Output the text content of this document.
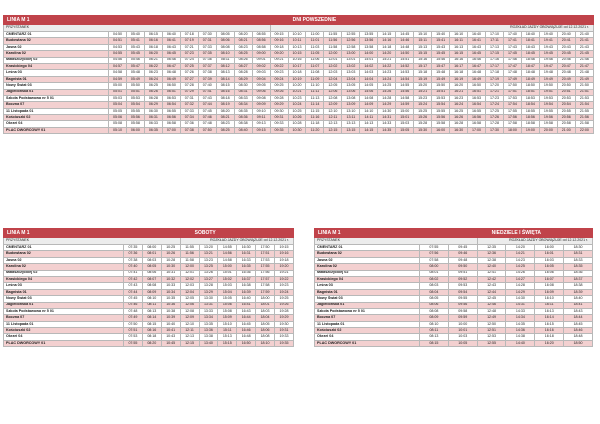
LINIA M 1										DNI POWSZEDNIE																	
PRZYSTANEK										ROZKŁAD JAZDY OBOWIĄZUJE od 12.12.2021 r.																	
CMENTARZ 01	04:50	05:40	06:15	06:40	07:18	07:30	08:05	08:20	08:55	09:15	10:10	11:00	11:55	12:55	13:55	14:15	14:45	15:10	15:40	16:10	16:40	17:10	17:40	18:40	19:40	20:40	21:40
Budowlana 02	04:51	05:41	06:16	06:41	07:19	07:31	08:06	08:21	08:56	09:16	10:11	11:01	11:56	12:56	13:56	14:16	14:46	15:11	15:41	16:11	16:41	17:11	17:41	18:41	19:41	20:41	21:41
Jasna 02	04:53	05:43	06:18	06:43	07:21	07:33	08:08	08:23	08:58	09:18	10:13	11:03	11:58	12:58	13:58	14:18	14:48	15:13	15:43	16:13	16:43	17:13	17:43	18:43	19:43	20:43	21:43
Karolina 02	04:55	05:45	06:20	06:45	07:23	07:35	08:10	08:25	09:00	09:20	10:15	11:05	12:00	13:00	14:00	14:20	14:50	15:15	15:45	16:15	16:45	17:15	17:45	18:45	19:45	20:45	21:45
Małaszczyckiej 02	04:56	05:46	06:21	06:46	07:24	07:36	08:11	08:26	09:01	09:21	10:16	11:06	12:01	13:01	14:01	14:21	14:51	15:16	15:46	16:16	16:46	17:16	17:46	18:46	19:46	20:46	21:46
Krasickiego 04	04:57	05:47	06:22	06:47	07:25	07:37	08:12	08:27	09:02	09:22	10:17	11:07	12:02	13:02	14:02	14:22	14:52	15:17	15:47	16:17	16:47	17:17	17:47	18:47	19:47	20:47	21:47
Leśna 03	04:58	05:48	06:23	06:48	07:26	07:38	08:13	08:28	09:03	09:23	10:18	11:08	12:03	13:03	14:03	14:23	14:53	15:18	15:48	16:18	16:48	17:18	17:48	18:48	19:48	20:48	21:48
Bagnista 01	04:59	05:49	06:24	06:49	07:27	07:39	08:14	08:29	09:04	09:24	10:19	11:09	12:04	13:04	14:04	14:24	14:54	15:19	15:49	16:19	16:49	17:19	17:49	18:49	19:49	20:49	21:49
Nowy Świat 03	05:00	05:50	06:25	06:50	07:28	07:40	08:15	08:30	09:05	09:25	10:20	11:10	12:05	13:05	14:05	14:25	14:55	15:20	15:50	16:20	16:50	17:20	17:50	18:50	19:50	20:50	21:50
Jagiellońska 01	05:01	05:51	06:26	06:51	07:29	07:41	08:16	08:31	09:06	09:26	10:21	11:11	12:06	13:06	14:06	14:26	14:56	15:21	15:51	16:21	16:51	17:21	17:51	18:51	19:51	20:51	21:51
Szkoła Podstawowa nr 5 01	05:03	05:53	06:28	06:53	07:31	07:43	08:18	08:33	09:08	09:28	10:23	11:13	12:08	13:08	14:08	14:28	14:58	15:23	15:53	16:23	16:53	17:23	17:53	18:53	19:53	20:53	21:53
Boczna 07	05:04	05:54	06:29	06:54	07:32	07:44	08:19	08:34	09:09	09:29	10:24	11:14	12:09	13:09	14:09	14:29	14:59	15:24	15:54	16:24	16:54	17:24	17:54	18:54	19:54	20:54	21:54
11 Listopada 01	05:05	05:55	06:30	06:55	07:33	07:45	08:20	08:35	09:10	09:30	10:25	11:15	12:10	13:10	14:10	14:30	15:00	15:25	15:55	16:25	16:55	17:25	17:55	18:55	19:55	20:55	21:55
Kościuszki 02	05:06	05:56	06:31	06:56	07:34	07:46	08:21	08:36	09:11	09:31	10:26	11:16	12:11	13:11	14:11	14:31	15:01	15:26	15:56	16:26	16:56	17:26	17:56	18:56	19:56	20:56	21:56
Okrzei 04	05:08	05:58	06:33	06:58	07:36	07:48	08:23	08:38	09:13	09:33	10:28	11:18	12:13	13:13	14:13	14:33	15:03	15:28	15:58	16:28	16:58	17:28	17:58	18:58	19:58	20:58	21:58
PLAC DWORCOWY 01	05:10	06:00	06:35	07:00	07:38	07:50	08:25	08:40	09:15	09:35	10:30	11:20	12:15	13:15	14:15	14:35	15:05	15:30	16:00	16:30	17:00	17:30	18:00	19:00	20:00	21:00	22:00
LINIA M 1				SOBOTY					
PRZYSTANEK				ROZKŁAD JAZDY OBOWIĄZUJE od 12.12.2021 r.					
CMENTARZ 01	07:35	08:00	10:25	11:55	13:20	14:55	16:30	17:50	19:15
Budowlana 02	07:36	08:01	10:26	11:56	13:21	14:56	16:31	17:51	19:16
Jasna 02	07:38	08:03	10:28	11:58	13:23	14:58	16:33	17:53	19:18
Karolina 02	07:40	08:05	10:30	12:00	13:25	15:00	16:35	17:55	19:20
Małaszczyckiej 02	07:41	08:06	10:31	12:01	13:26	15:01	16:36	17:56	19:21
Krasickiego 04	07:42	08:07	10:32	12:02	13:27	15:02	16:37	17:57	19:22
Leśna 03	07:43	08:08	10:33	12:03	13:28	15:03	16:38	17:58	19:23
Bagnista 01	07:44	08:09	10:34	12:04	13:29	15:04	16:39	17:59	19:24
Nowy Świat 03	07:45	08:10	10:35	12:05	13:30	15:05	16:40	18:00	19:25
Jagiellońska 01	07:46	08:11	10:36	12:06	13:31	15:06	16:41	18:01	19:26
Szkoła Podstawowa nr 5 01	07:48	08:13	10:38	12:08	13:33	15:08	16:43	18:03	19:28
Boczna 07	07:49	08:14	10:39	12:09	13:34	15:09	16:44	18:04	19:29
11 Listopada 01	07:50	08:15	10:40	12:10	13:35	15:10	16:45	18:05	19:30
Kościuszki 02	07:51	08:16	10:41	12:11	13:36	15:11	16:46	18:06	19:31
Okrzei 04	07:53	08:18	10:43	12:13	13:38	15:13	16:48	18:08	19:33
PLAC DWORCOWY 01	07:55	08:20	10:45	12:15	13:40	15:15	16:50	18:10	19:35
LINIA M 1			NIEDZIELE I ŚWIĘTA			
PRZYSTANEK			ROZKŁAD JAZDY OBOWIĄZUJE od 12.12.2021 r.			
CMENTARZ 01	07:55	09:45	12:35	14:20	16:00	18:30
Budowlana 02	07:56	09:46	12:36	14:21	16:01	18:31
Jasna 02	07:58	09:48	12:38	14:23	16:03	18:33
Karolina 02	08:00	09:50	12:40	14:25	16:05	18:35
Małaszczyckiej 02	08:01	09:51	12:41	14:26	16:06	18:36
Krasickiego 04	08:02	09:52	12:42	14:27	16:07	18:37
Leśna 03	08:03	09:53	12:43	14:28	16:08	18:38
Bagnista 01	08:04	09:54	12:44	14:29	16:09	18:39
Nowy Świat 03	08:05	09:55	12:45	14:30	16:10	18:40
Jagiellońska 01	08:06	09:56	12:46	14:31	16:11	18:41
Szkoła Podstawowa nr 5 01	08:08	09:58	12:48	14:33	16:13	18:43
Boczna 07	08:09	09:59	12:49	14:34	16:14	18:44
11 Listopada 01	08:10	10:00	12:50	14:35	16:15	18:45
Kościuszki 02	08:11	10:01	12:51	14:36	16:16	18:46
Okrzei 04	08:13	10:03	12:53	14:38	16:18	18:48
PLAC DWORCOWY 01	08:15	10:05	12:55	14:40	16:20	18:50
